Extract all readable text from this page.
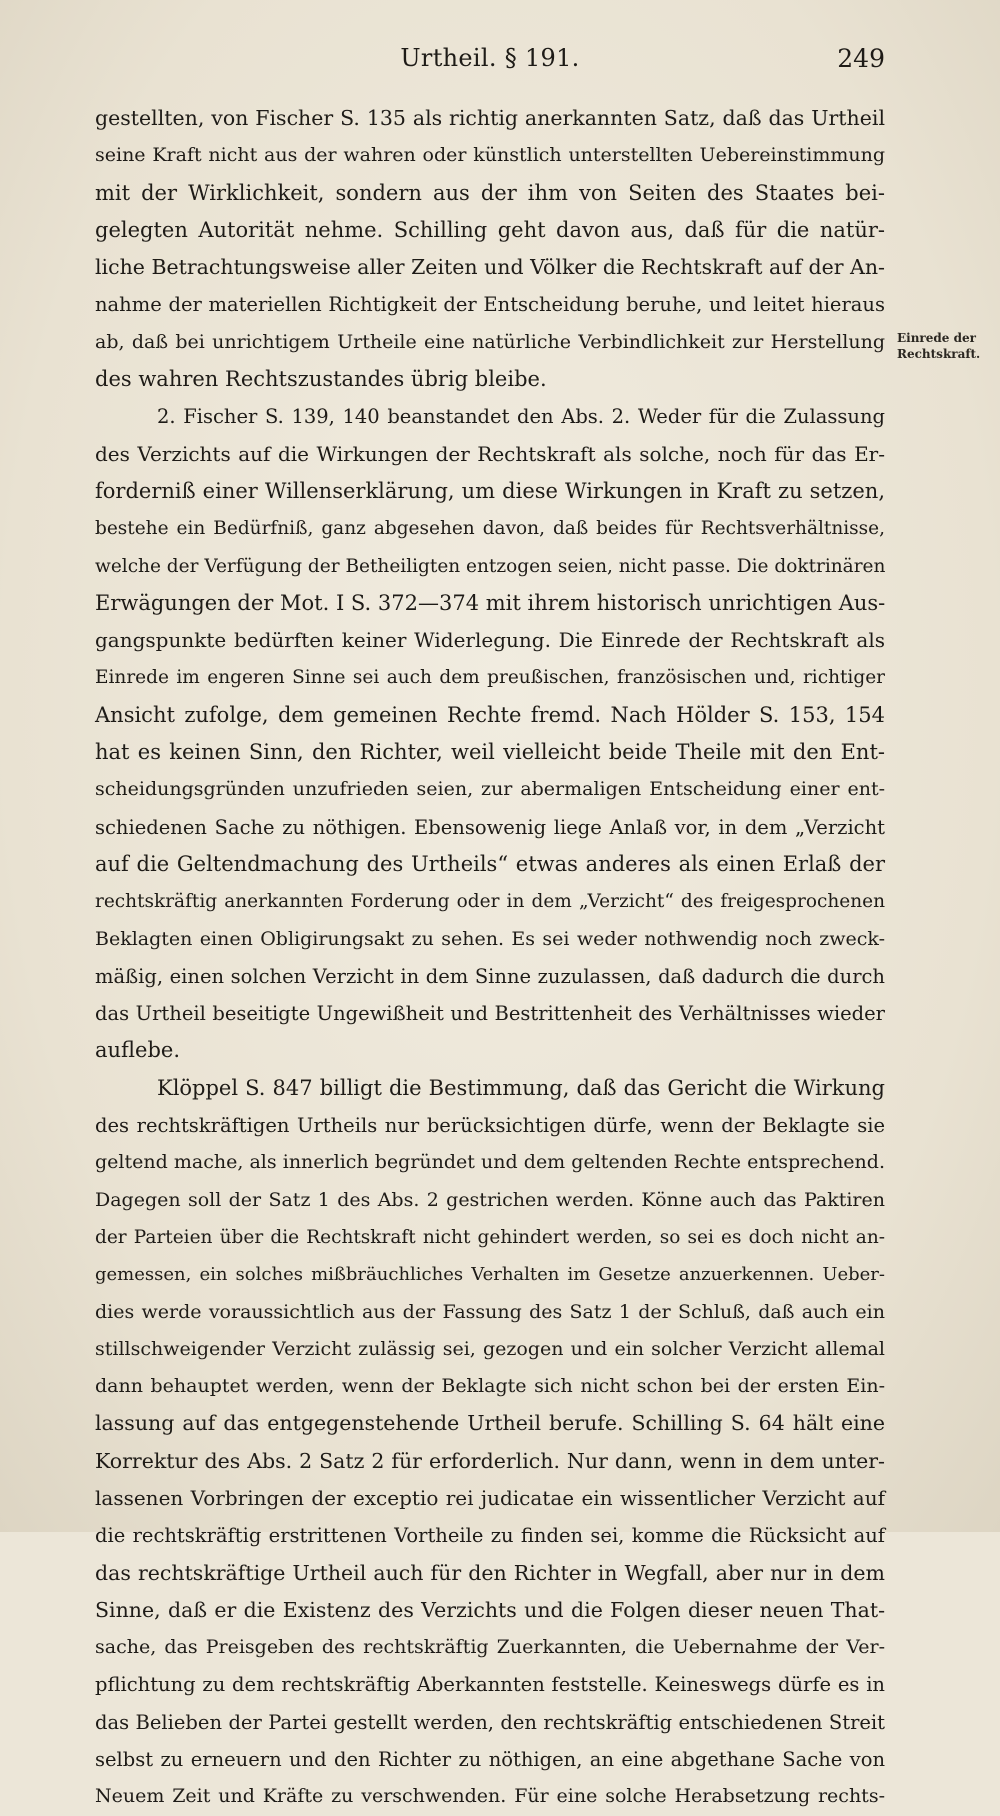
Urtheil. § 191.	249
gestellten, von Fischer S. 135 als richtig anerkannten Satz, daß das Urtheil
seine Kraft nicht aus der wahren oder künstlich unterstellten Uebereinstimmung
mit der Wirklichkeit, sondern aus der ihm von Seiten des Staates bei-
gelegten Autorität nehme. Schilling geht davon aus, daß für die natür-
liche Betrachtungsweise aller Zeiten und Völker die Rechtskraft auf der An-
nahme der materiellen Richtigkeit der Entscheidung beruhe, und leitet hieraus
ab, daß bei unrichtigem Urtheile eine natürliche Verbindlichkeit zur Herstellung
des wahren Rechtszustandes übrig bleibe.
2. Fischer S. 139, 140 beanstandet den Abs. 2. Weder für die Zulassung
des Verzichts auf die Wirkungen der Rechtskraft als solche, noch für das Er-
forderniß einer Willenserklärung, um diese Wirkungen in Kraft zu setzen,
bestehe ein Bedürfniß, ganz abgesehen davon, daß beides für Rechtsverhältnisse,
welche der Verfügung der Betheiligten entzogen seien, nicht passe. Die doktrinären
Erwägungen der Mot. I S. 372—374 mit ihrem historisch unrichtigen Aus-
gangspunkte bedürften keiner Widerlegung. Die Einrede der Rechtskraft als
Einrede im engeren Sinne sei auch dem preußischen, französischen und, richtiger
Ansicht zufolge, dem gemeinen Rechte fremd. Nach Hölder S. 153, 154
hat es keinen Sinn, den Richter, weil vielleicht beide Theile mit den Ent-
scheidungsgründen unzufrieden seien, zur abermaligen Entscheidung einer ent-
schiedenen Sache zu nöthigen. Ebensowenig liege Anlaß vor, in dem „Verzicht
auf die Geltendmachung des Urtheils“ etwas anderes als einen Erlaß der
rechtskräftig anerkannten Forderung oder in dem „Verzicht“ des freigesprochenen
Beklagten einen Obligirungsakt zu sehen. Es sei weder nothwendig noch zweck-
mäßig, einen solchen Verzicht in dem Sinne zuzulassen, daß dadurch die durch
das Urtheil beseitigte Ungewißheit und Bestrittenheit des Verhältnisses wieder
auflebe.
Klöppel S. 847 billigt die Bestimmung, daß das Gericht die Wirkung
des rechtskräftigen Urtheils nur berücksichtigen dürfe, wenn der Beklagte sie
geltend mache, als innerlich begründet und dem geltenden Rechte entsprechend.
Dagegen soll der Satz 1 des Abs. 2 gestrichen werden. Könne auch das Paktiren
der Parteien über die Rechtskraft nicht gehindert werden, so sei es doch nicht an-
gemessen, ein solches mißbräuchliches Verhalten im Gesetze anzuerkennen. Ueber-
dies werde voraussichtlich aus der Fassung des Satz 1 der Schluß, daß auch ein
stillschweigender Verzicht zulässig sei, gezogen und ein solcher Verzicht allemal
dann behauptet werden, wenn der Beklagte sich nicht schon bei der ersten Ein-
lassung auf das entgegenstehende Urtheil berufe. Schilling S. 64 hält eine
Korrektur des Abs. 2 Satz 2 für erforderlich. Nur dann, wenn in dem unter-
lassenen Vorbringen der exceptio rei judicatae ein wissentlicher Verzicht auf
die rechtskräftig erstrittenen Vortheile zu finden sei, komme die Rücksicht auf
das rechtskräftige Urtheil auch für den Richter in Wegfall, aber nur in dem
Sinne, daß er die Existenz des Verzichts und die Folgen dieser neuen That-
sache, das Preisgeben des rechtskräftig Zuerkannten, die Uebernahme der Ver-
pflichtung zu dem rechtskräftig Aberkannten feststelle. Keineswegs dürfe es in
das Belieben der Partei gestellt werden, den rechtskräftig entschiedenen Streit
selbst zu erneuern und den Richter zu nöthigen, an eine abgethane Sache von
Neuem Zeit und Kräfte zu verschwenden. Für eine solche Herabsetzung rechts-
Einrede der
Rechtskraft.
